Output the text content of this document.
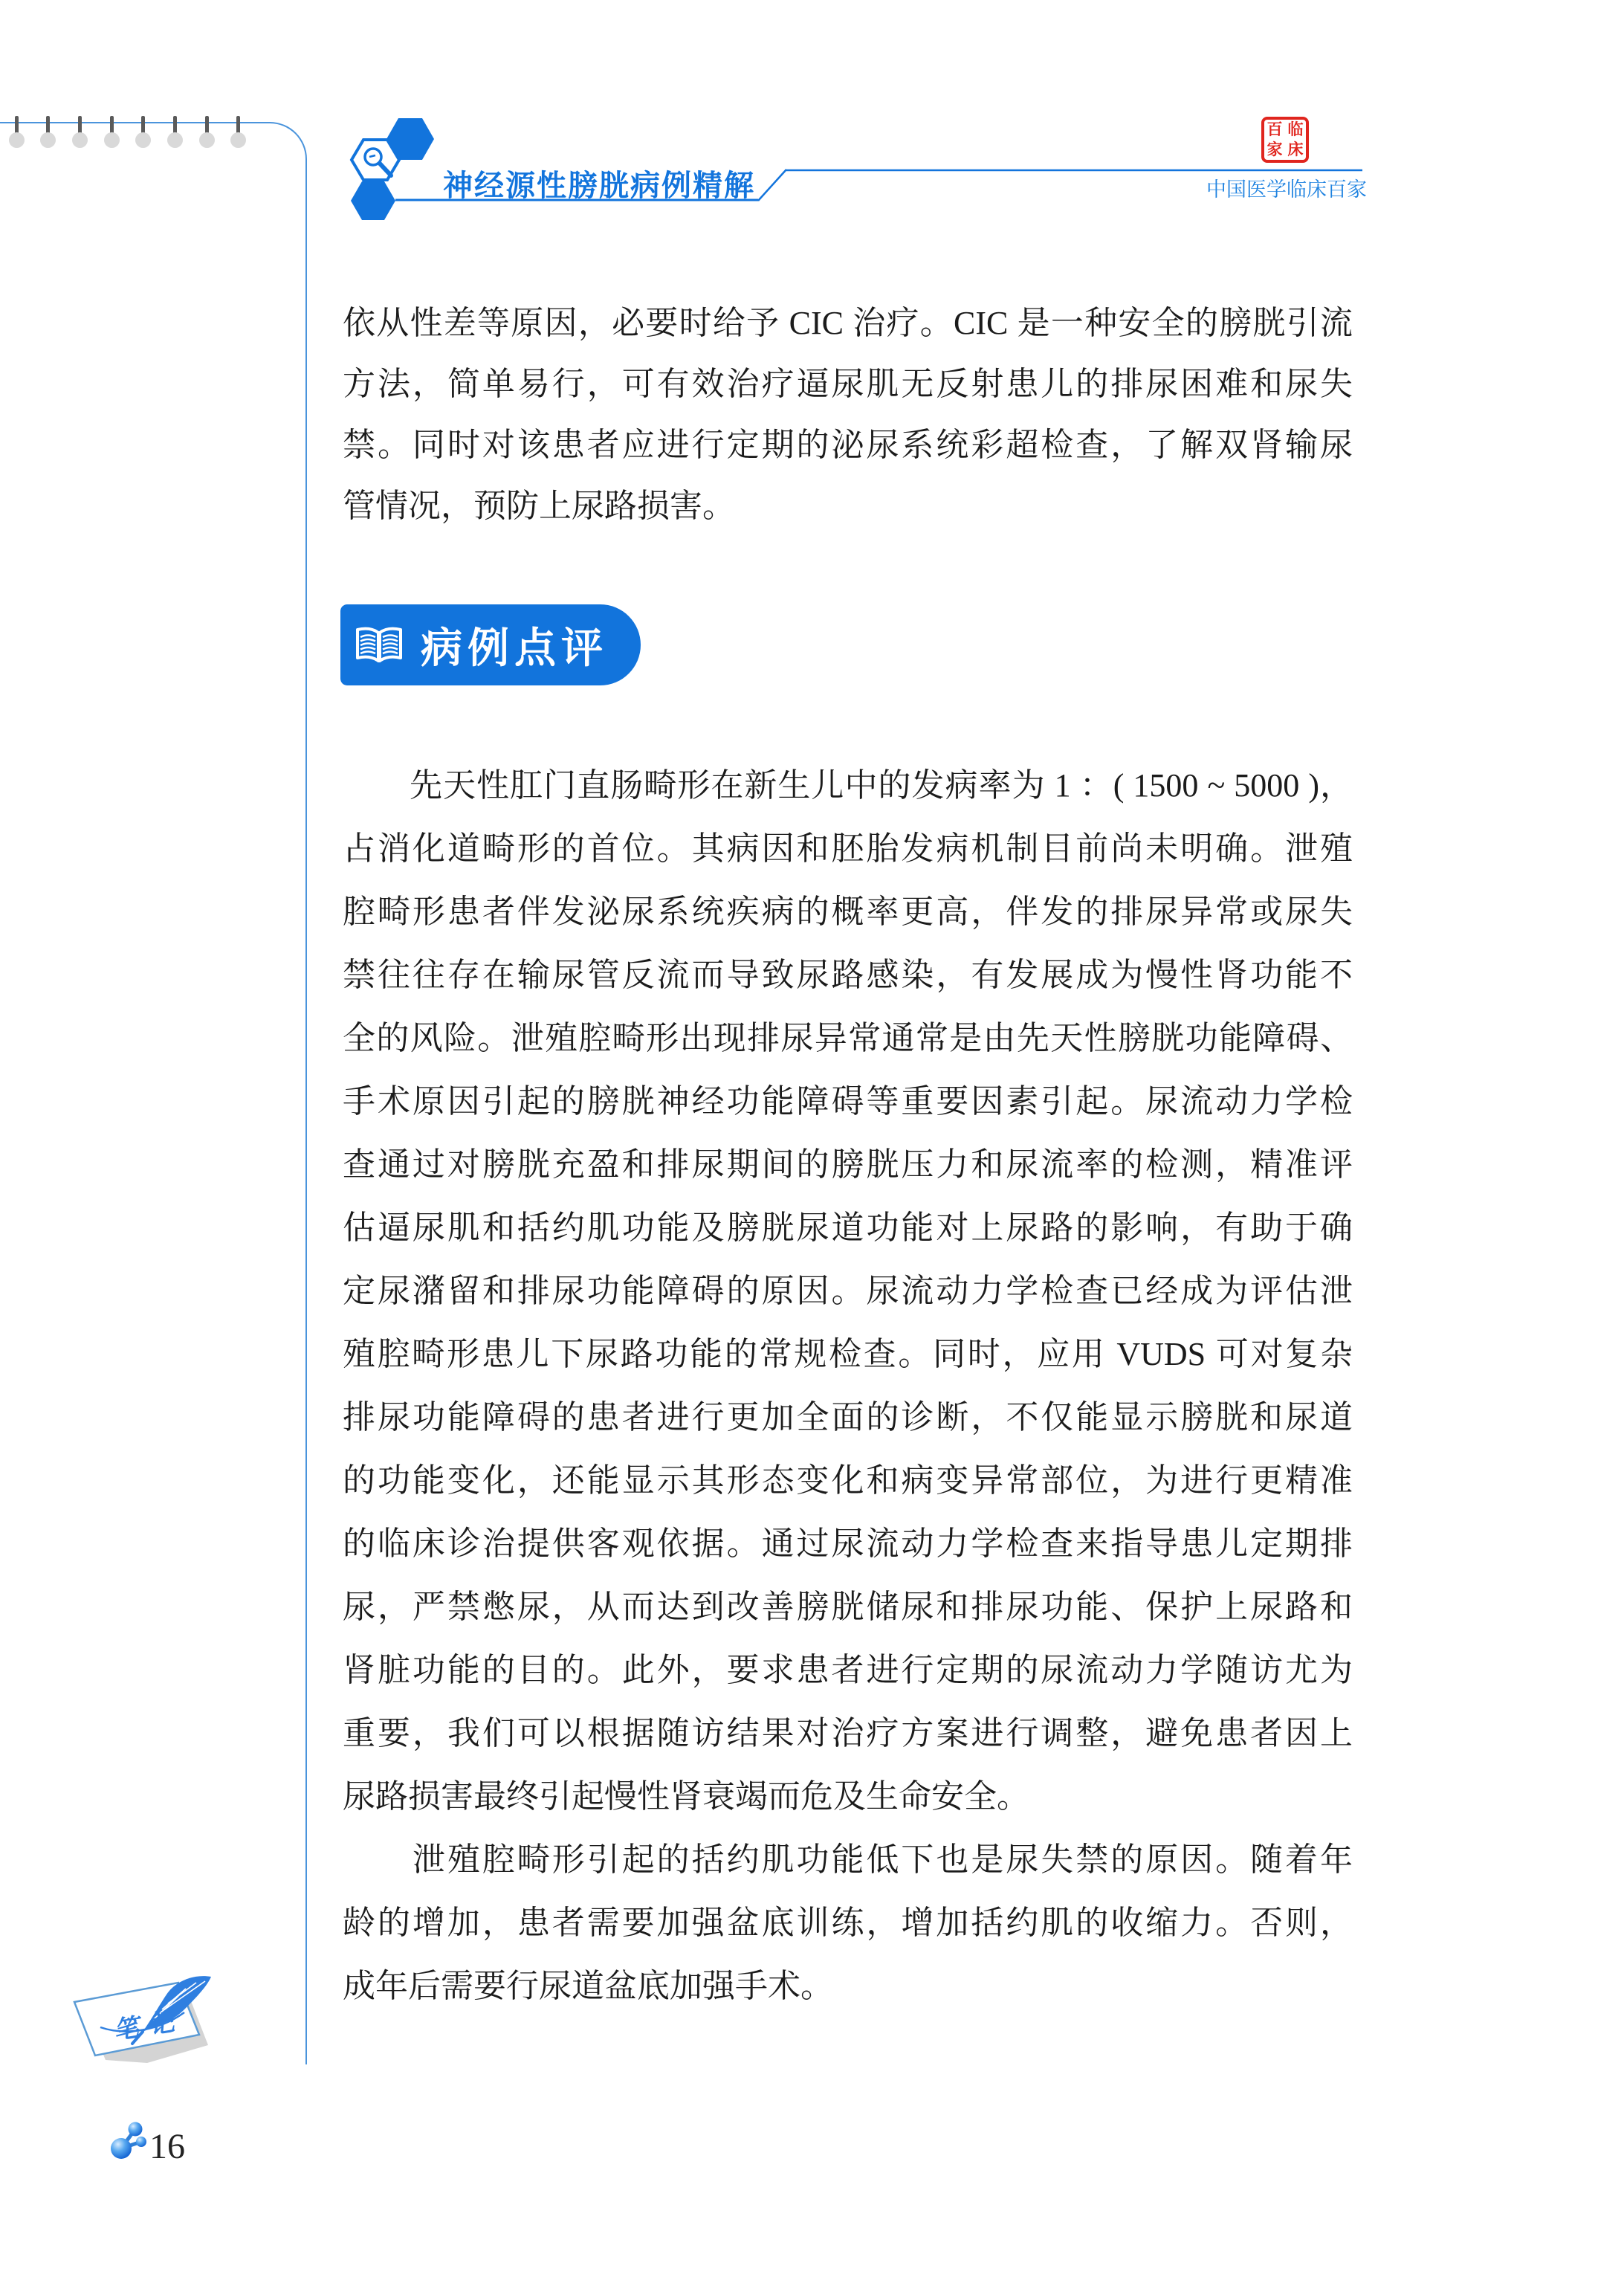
神经源性膀胱病例精解	中国医学临床百家
百 临
家 床
依从性差等原因，必要时给予 CIC 治疗。CIC 是一种安全的膀胱引流
方法，简单易行，可有效治疗逼尿肌无反射患儿的排尿困难和尿失
禁。同时对该患者应进行定期的泌尿系统彩超检查，了解双肾输尿
管情况，预防上尿路损害。
病例点评
　　先天性肛门直肠畸形在新生儿中的发病率为 1 ：( 1500 ~ 5000 )，
占消化道畸形的首位。其病因和胚胎发病机制目前尚未明确。泄殖
腔畸形患者伴发泌尿系统疾病的概率更高，伴发的排尿异常或尿失
禁往往存在输尿管反流而导致尿路感染，有发展成为慢性肾功能不
全的风险。泄殖腔畸形出现排尿异常通常是由先天性膀胱功能障碍、
手术原因引起的膀胱神经功能障碍等重要因素引起。尿流动力学检
查通过对膀胱充盈和排尿期间的膀胱压力和尿流率的检测，精准评
估逼尿肌和括约肌功能及膀胱尿道功能对上尿路的影响，有助于确
定尿潴留和排尿功能障碍的原因。尿流动力学检查已经成为评估泄
殖腔畸形患儿下尿路功能的常规检查。同时，应用 VUDS 可对复杂
排尿功能障碍的患者进行更加全面的诊断，不仅能显示膀胱和尿道
的功能变化，还能显示其形态变化和病变异常部位，为进行更精准
的临床诊治提供客观依据。通过尿流动力学检查来指导患儿定期排
尿，严禁憋尿，从而达到改善膀胱储尿和排尿功能、保护上尿路和
肾脏功能的目的。此外，要求患者进行定期的尿流动力学随访尤为
重要，我们可以根据随访结果对治疗方案进行调整，避免患者因上
尿路损害最终引起慢性肾衰竭而危及生命安全。
　　泄殖腔畸形引起的括约肌功能低下也是尿失禁的原因。随着年
龄的增加，患者需要加强盆底训练，增加括约肌的收缩力。否则，
成年后需要行尿道盆底加强手术。
笔记
16
